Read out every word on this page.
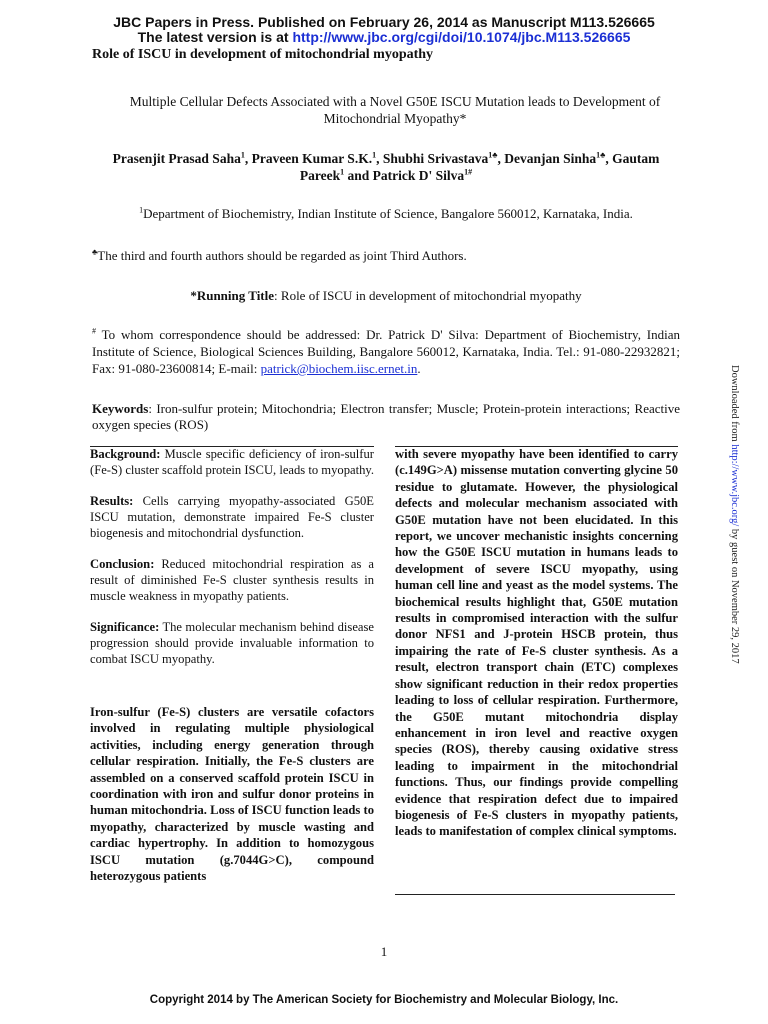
JBC Papers in Press. Published on February 26, 2014 as Manuscript M113.526665
The latest version is at http://www.jbc.org/cgi/doi/10.1074/jbc.M113.526665
Role of ISCU in development of mitochondrial myopathy
Multiple Cellular Defects Associated with a Novel G50E ISCU Mutation leads to Development of Mitochondrial Myopathy*
Prasenjit Prasad Saha$^1$, Praveen Kumar S.K.$^1$, Shubhi Srivastava$^{1♣}$, Devanjan Sinha$^{1♣}$, Gautam Pareek$^1$ and Patrick D' Silva$^{1\#}$
$^1$Department of Biochemistry, Indian Institute of Science, Bangalore 560012, Karnataka, India.
♣The third and fourth authors should be regarded as joint Third Authors.
*Running Title: Role of ISCU in development of mitochondrial myopathy
# To whom correspondence should be addressed: Dr. Patrick D' Silva: Department of Biochemistry, Indian Institute of Science, Biological Sciences Building, Bangalore 560012, Karnataka, India. Tel.: 91-080-22932821; Fax: 91-080-23600814; E-mail: patrick@biochem.iisc.ernet.in.
Keywords: Iron-sulfur protein; Mitochondria; Electron transfer; Muscle; Protein-protein interactions; Reactive oxygen species (ROS)

Background: Muscle specific deficiency of iron-sulfur (Fe-S) cluster scaffold protein ISCU, leads to myopathy.

Results: Cells carrying myopathy-associated G50E ISCU mutation, demonstrate impaired Fe-S cluster biogenesis and mitochondrial dysfunction.

Conclusion: Reduced mitochondrial respiration as a result of diminished Fe-S cluster synthesis results in muscle weakness in myopathy patients.

Significance: The molecular mechanism behind disease progression should provide invaluable information to combat ISCU myopathy.

Iron-sulfur (Fe-S) clusters are versatile cofactors involved in regulating multiple physiological activities, including energy generation through cellular respiration. Initially, the Fe-S clusters are assembled on a conserved scaffold protein ISCU in coordination with iron and sulfur donor proteins in human mitochondria. Loss of ISCU function leads to myopathy, characterized by muscle wasting and cardiac hypertrophy. In addition to homozygous ISCU mutation (g.7044G>C), compound heterozygous patients

with severe myopathy have been identified to carry (c.149G>A) missense mutation converting glycine 50 residue to glutamate. However, the physiological defects and molecular mechanism associated with G50E mutation have not been elucidated. In this report, we uncover mechanistic insights concerning how the G50E ISCU mutation in humans leads to development of severe ISCU myopathy, using human cell line and yeast as the model systems. The biochemical results highlight that, G50E mutation results in compromised interaction with the sulfur donor NFS1 and J-protein HSCB protein, thus impairing the rate of Fe-S cluster synthesis. As a result, electron transport chain (ETC) complexes show significant reduction in their redox properties leading to loss of cellular respiration. Furthermore, the G50E mutant mitochondria display enhancement in iron level and reactive oxygen species (ROS), thereby causing oxidative stress leading to impairment in the mitochondrial functions. Thus, our findings provide compelling evidence that respiration defect due to impaired biogenesis of Fe-S clusters in myopathy patients, leads to manifestation of complex clinical symptoms.
1
Copyright 2014 by The American Society for Biochemistry and Molecular Biology, Inc.
Downloaded from http://www.jbc.org/ by guest on November 29, 2017
